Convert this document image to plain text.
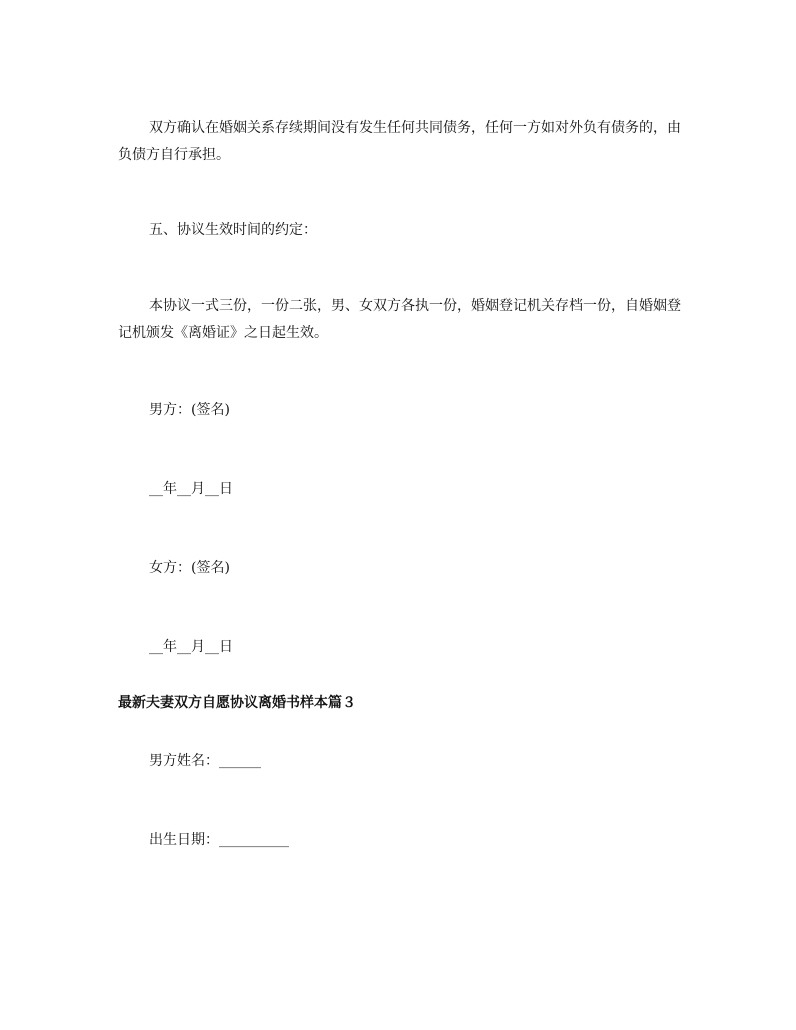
双方确认在婚姻关系存续期间没有发生任何共同债务，任何一方如对外负有债务的，由负债方自行承担。

五、协议生效时间的约定：

本协议一式三份，一份二张，男、女双方各执一份，婚姻登记机关存档一份，自婚姻登记机颁发《离婚证》之日起生效。

男方：(签名)
__年__月__日
女方：(签名)
__年__月__日
最新夫妻双方自愿协议离婚书样本篇３
男方姓名：______
出生日期：__________
